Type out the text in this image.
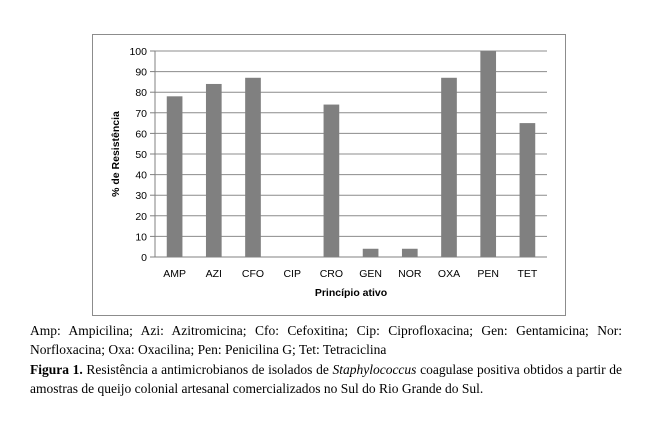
0
10
20
30
40
50
60
70
80
90
100
AMP AZI CFO CIP CRO GEN NOR OXA PEN TET
% de Resistência
Princípio ativo

Amp: Ampicilina; Azi: Azitromicina; Cfo: Cefoxitina; Cip: Ciprofloxacina; Gen: Gentamicina; Nor: Norfloxacina; Oxa: Oxacilina; Pen: Penicilina G; Tet: Tetraciclina

Figura 1. Resistência a antimicrobianos de isolados de Staphylococcus coagulase positiva obtidos a partir de amostras de queijo colonial artesanal comercializados no Sul do Rio Grande do Sul.
